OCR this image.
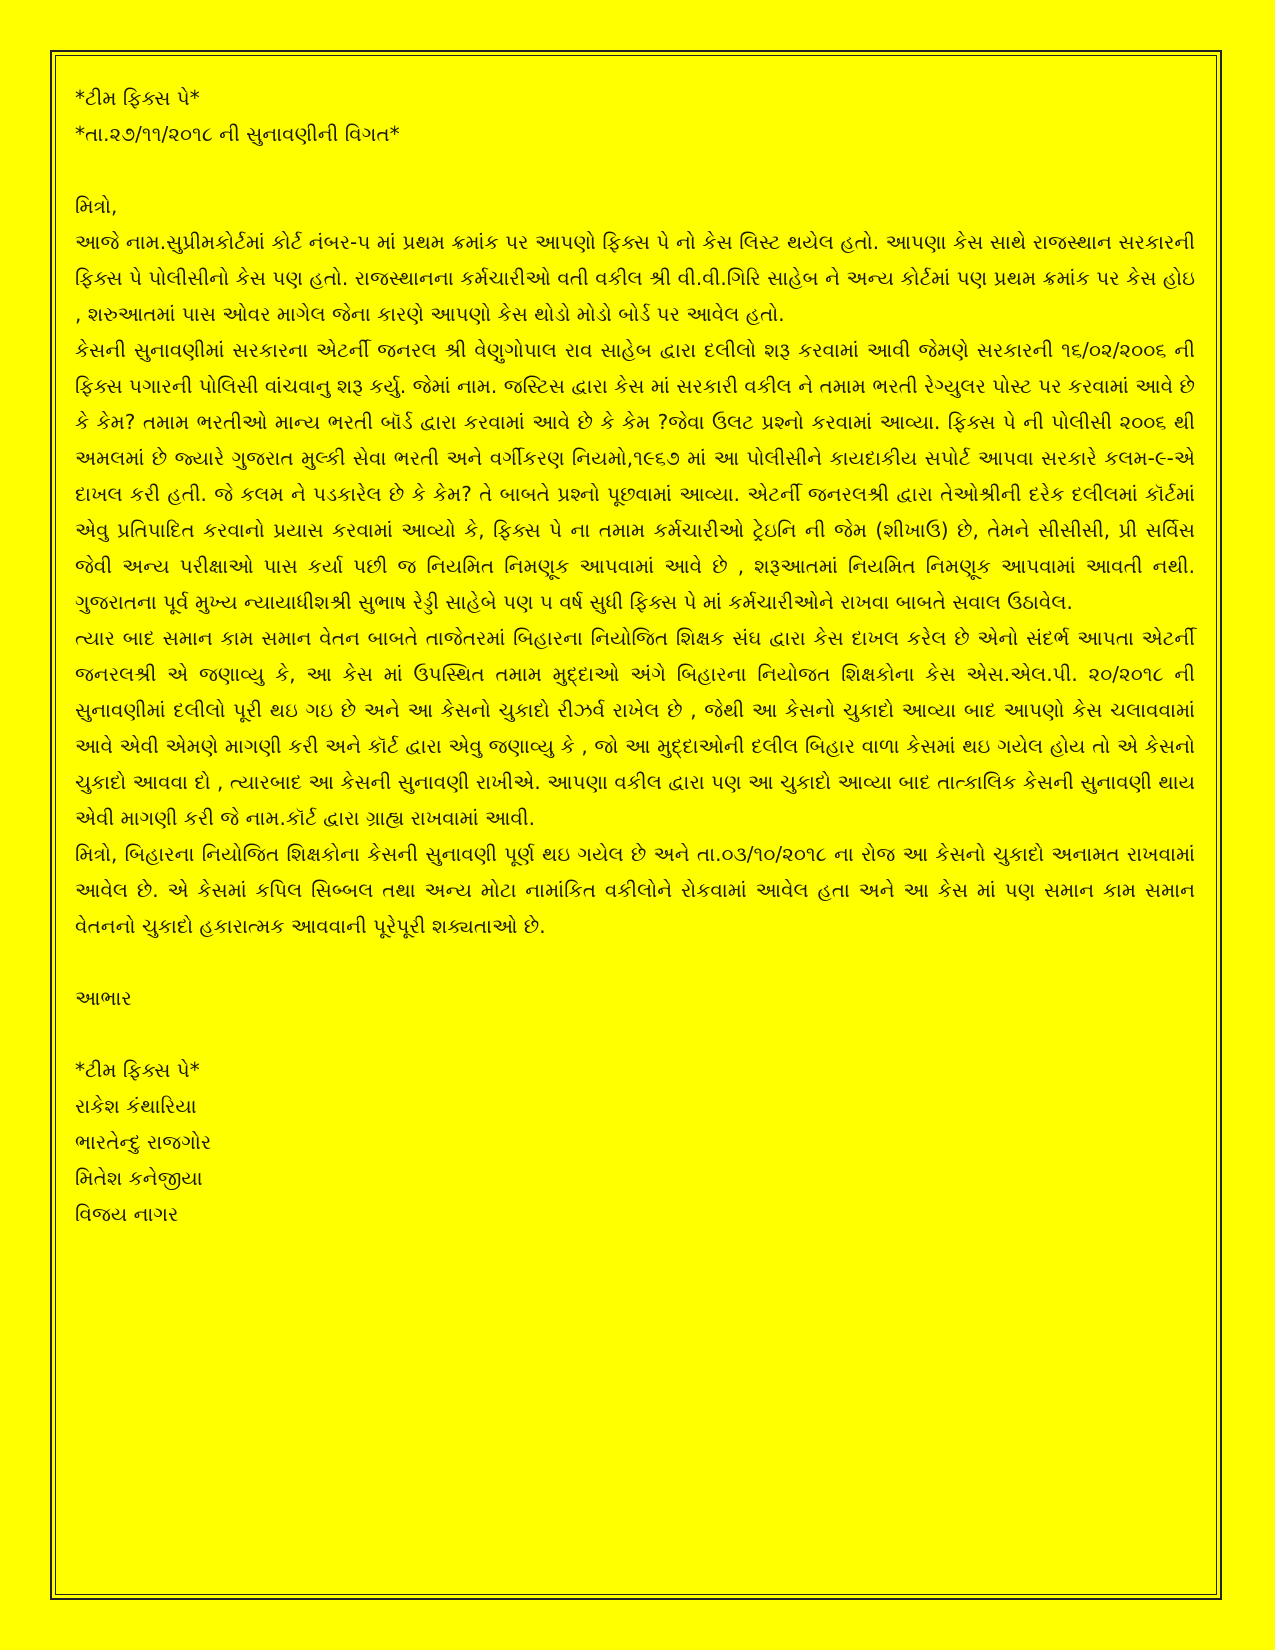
*ટીમ ફિક્સ પે*
*તા.૨૭/૧૧/૨૦૧૮ ની સુનાવણીની વિગત*
મિત્રો,
આજે નામ.સુપ્રીમકોર્ટમાં કોર્ટ નંબર-૫ માં પ્રથમ ક્રમાંક પર આપણો ફિક્સ પે નો કેસ લિસ્ટ થયેલ હતો. આપણા કેસ સાથે રાજસ્થાન સરકારની ફિક્સ પે પોલીસીનો કેસ પણ હતો. રાજસ્થાનના કર્મચારીઓ વતી વકીલ શ્રી વી.વી.ગિરિ સાહેબ ને અન્ય કોર્ટમાં પણ પ્રથમ ક્રમાંક પર કેસ હોઇ , શરુઆતમાં પાસ ઓવર માગેલ જેના કારણે આપણો કેસ થોડો મોડો બોર્ડ પર આવેલ હતો.
કેસની સુનાવણીમાં સરકારના એટર્ની જનરલ શ્રી વેણુગોપાલ રાવ સાહેબ દ્વારા દલીલો શરૂ કરવામાં આવી જેમણે સરકારની ૧૬/૦૨/૨૦૦૬ ની ફિક્સ પગારની પોલિસી વાંચવાનુ શરૂ કર્યુ. જેમાં નામ. જસ્ટિસ દ્વારા કેસ માં સરકારી વકીલ ને તમામ ભરતી રેગ્યુલર પોસ્ટ પર કરવામાં આવે છે કે કેમ? તમામ ભરતીઓ માન્ય ભરતી બૉર્ડ દ્વારા કરવામાં આવે છે કે કેમ ?જેવા ઉલટ પ્રશ્નો કરવામાં આવ્યા. ફિક્સ પે ની પોલીસી ૨૦૦૬ થી અમલમાં છે જ્યારે ગુજરાત મુલ્કી સેવા ભરતી અને વર્ગીકરણ નિયમો,૧૯૬૭ માં આ પોલીસીને કાયદાકીય સપોર્ટ આપવા સરકારે કલમ-૯-એ દાખલ કરી હતી. જે કલમ ને પડકારેલ છે કે કેમ? તે બાબતે પ્રશ્નો પૂછવામાં આવ્યા. એટર્ની જનરલશ્રી દ્વારા તેઓશ્રીની દરેક દલીલમાં કૉર્ટમાં એવુ પ્રતિપાદિત કરવાનો પ્રયાસ કરવામાં આવ્યો કે, ફિક્સ પે ના તમામ કર્મચારીઓ ટ્રેઇનિ ની જેમ (શીખાઉ) છે, તેમને સીસીસી, પ્રી સર્વિસ જેવી અન્ય પરીક્ષાઓ પાસ કર્યા પછી જ નિયમિત નિમણૂક આપવામાં આવે છે , શરૂઆતમાં નિયમિત નિમણૂક આપવામાં આવતી નથી. ગુજરાતના પૂર્વ મુખ્ય ન્યાયાધીશશ્રી સુભાષ રેડ્ડી સાહેબે પણ ૫ વર્ષ સુધી ફિક્સ પે માં કર્મચારીઓને રાખવા બાબતે સવાલ ઉઠાવેલ.
ત્યાર બાદ સમાન કામ સમાન વેતન બાબતે તાજેતરમાં બિહારના નિયોજિત શિક્ષક સંઘ દ્વારા કેસ દાખલ કરેલ છે એનો સંદર્ભ આપતા એટર્ની જનરલશ્રી એ જણાવ્યુ કે, આ કેસ માં ઉપસ્થિત તમામ મુદ્દાઓ અંગે બિહારના નિયોજત શિક્ષકોના કેસ એસ.એલ.પી. ૨૦/૨૦૧૮ ની સુનાવણીમાં દલીલો પૂરી થઇ ગઇ છે અને આ કેસનો ચુકાદો રીઝર્વ રાખેલ છે , જેથી આ કેસનો ચુકાદો આવ્યા બાદ આપણો કેસ ચલાવવામાં આવે એવી એમણે માગણી કરી અને કૉર્ટ દ્વારા એવુ જણાવ્યુ કે , જો આ મુદ્દાઓની દલીલ બિહાર વાળા કેસમાં થઇ ગયેલ હોય તો એ કેસનો ચુકાદો આવવા દો , ત્યારબાદ આ કેસની સુનાવણી રાખીએ. આપણા વકીલ દ્વારા પણ આ ચુકાદો આવ્યા બાદ તાત્કાલિક કેસની સુનાવણી થાય એવી માગણી કરી જે નામ.કૉર્ટ દ્વારા ગ્રાહ્ય રાખવામાં આવી.
મિત્રો, બિહારના નિયોજિત શિક્ષકોના કેસની સુનાવણી પૂર્ણ થઇ ગયેલ છે અને તા.૦૩/૧૦/૨૦૧૮ ના રોજ આ કેસનો ચુકાદો અનામત રાખવામાં આવેલ છે. એ કેસમાં કપિલ સિબ્બલ તથા અન્ય મોટા નામાંકિત વકીલોને રોકવામાં આવેલ હતા અને આ કેસ માં પણ સમાન કામ સમાન વેતનનો ચુકાદો હકારાત્મક આવવાની પૂરેપૂરી શક્યતાઓ છે.
આભાર
*ટીમ ફિક્સ પે*
રાકેશ કંથારિયા
ભારતેન્દુ રાજગોર
મિતેશ કનેજીયા
વિજય નાગર
